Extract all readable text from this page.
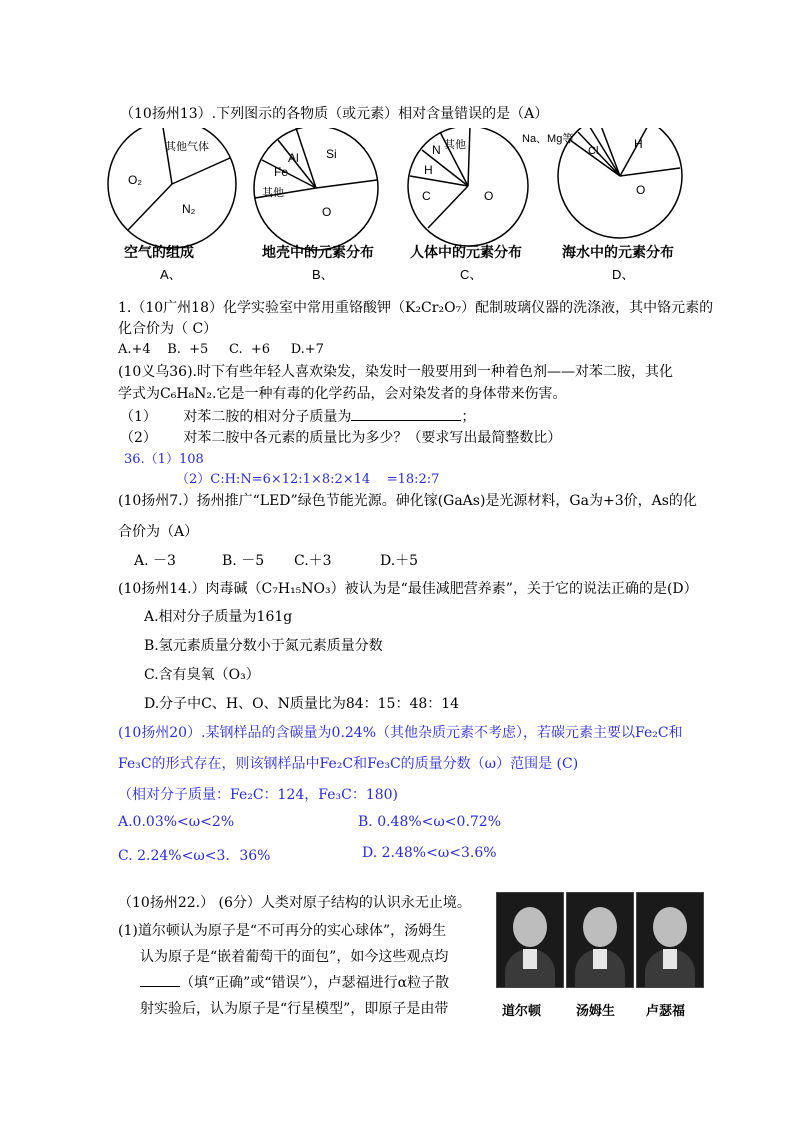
（10扬州13）.下列图示的各物质（或元素）相对含量错误的是（A）
其他气体
O₂
N₂
Al Si
Fe
其他
O
其他
N
H
C	O
Na、Mg等
Cl	H
O
空气的组成	地壳中的元素分布	人体中的元素分布	海水中的元素分布
A、	B、	C、	D、
1.（10广州18）化学实验室中常用重铬酸钾（K₂Cr₂O₇）配制玻璃仪器的洗涤液，其中铬元素的
化合价为（ C）
A.+4    B.  +5     C.  +6     D.+7
(10义乌36).时下有些年轻人喜欢染发，染发时一般要用到一种着色剂——对苯二胺，其化
学式为C₆H₈N₂.它是一种有毒的化学药品，会对染发者的身体带来伤害。
（1） 对苯二胺的相对分子质量为	；
（2） 对苯二胺中各元素的质量比为多少？（要求写出最简整数比）
36.（1）108
（2）C:H:N=6×12:1×8:2×14    =18:2:7
(10扬州7.）扬州推广“LED”绿色节能光源。砷化镓(GaAs)是光源材料，Ga为+3价，As的化
合价为（A）
A. －3	B. －5 C.＋3	D.＋5
(10扬州14.）肉毒碱（C₇H₁₅NO₃）被认为是“最佳减肥营养素”，关于它的说法正确的是(D）
A.相对分子质量为161g
B.氢元素质量分数小于氮元素质量分数
C.含有臭氧（O₃）
D.分子中C、H、O、N质量比为84：15：48：14
(10扬州20）.某钢样品的含碳量为0.24%（其他杂质元素不考虑），若碳元素主要以Fe₂C和
Fe₃C的形式存在，则该钢样品中Fe₂C和Fe₃C的质量分数（ω）范围是 (C)
（相对分子质量：Fe₂C：124，Fe₃C：180)
A.0.03%<ω<2%	B. 0.48%<ω<0.72%
C. 2.24%<ω<3．36%	D. 2.48%<ω<3.6%
（10扬州22.） (6分）人类对原子结构的认识永无止境。
(1)道尔顿认为原子是“不可再分的实心球体”，汤姆生
认为原子是“嵌着葡萄干的面包”，如今这些观点均
（填“正确”或“错误”），卢瑟福进行α粒子散
射实验后，认为原子是“行星模型”，即原子是由带	道尔顿	汤姆生 卢瑟福
